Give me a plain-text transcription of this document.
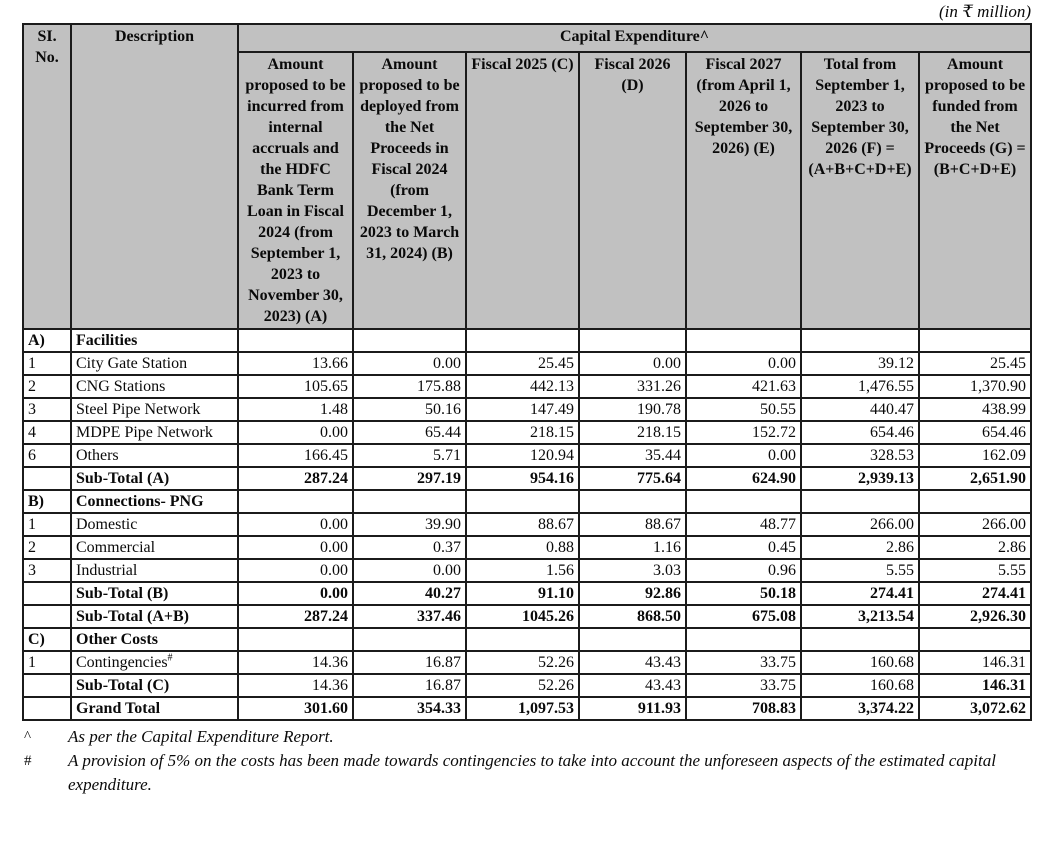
(in ₹ million)
SI. No.	Description	Capital Expenditure^						
		Amount proposed to be incurred from internal accruals and the HDFC Bank Term Loan in Fiscal 2024 (from September 1, 2023 to November 30, 2023) (A)	Amount proposed to be deployed from the Net Proceeds in Fiscal 2024 (from December 1, 2023 to March 31, 2024) (B)	Fiscal 2025 (C)	Fiscal 2026 (D)	Fiscal 2027 (from April 1, 2026 to September 30, 2026) (E)	Total from September 1, 2023 to September 30, 2026 (F) = (A+B+C+D+E)	Amount proposed to be funded from the Net Proceeds (G) = (B+C+D+E)
A)	Facilities							
1	City Gate Station	13.66	0.00	25.45	0.00	0.00	39.12	25.45
2	CNG Stations	105.65	175.88	442.13	331.26	421.63	1,476.55	1,370.90
3	Steel Pipe Network	1.48	50.16	147.49	190.78	50.55	440.47	438.99
4	MDPE Pipe Network	0.00	65.44	218.15	218.15	152.72	654.46	654.46
6	Others	166.45	5.71	120.94	35.44	0.00	328.53	162.09
	Sub-Total (A)	287.24	297.19	954.16	775.64	624.90	2,939.13	2,651.90
B)	Connections- PNG							
1	Domestic	0.00	39.90	88.67	88.67	48.77	266.00	266.00
2	Commercial	0.00	0.37	0.88	1.16	0.45	2.86	2.86
3	Industrial	0.00	0.00	1.56	3.03	0.96	5.55	5.55
	Sub-Total (B)	0.00	40.27	91.10	92.86	50.18	274.41	274.41
	Sub-Total (A+B)	287.24	337.46	1045.26	868.50	675.08	3,213.54	2,926.30
C)	Other Costs							
1	Contingencies#	14.36	16.87	52.26	43.43	33.75	160.68	146.31
	Sub-Total (C)	14.36	16.87	52.26	43.43	33.75	160.68	146.31
	Grand Total	301.60	354.33	1,097.53	911.93	708.83	3,374.22	3,072.62
^	As per the Capital Expenditure Report.
#	A provision of 5% on the costs has been made towards contingencies to take into account the unforeseen aspects of the estimated capital expenditure.
